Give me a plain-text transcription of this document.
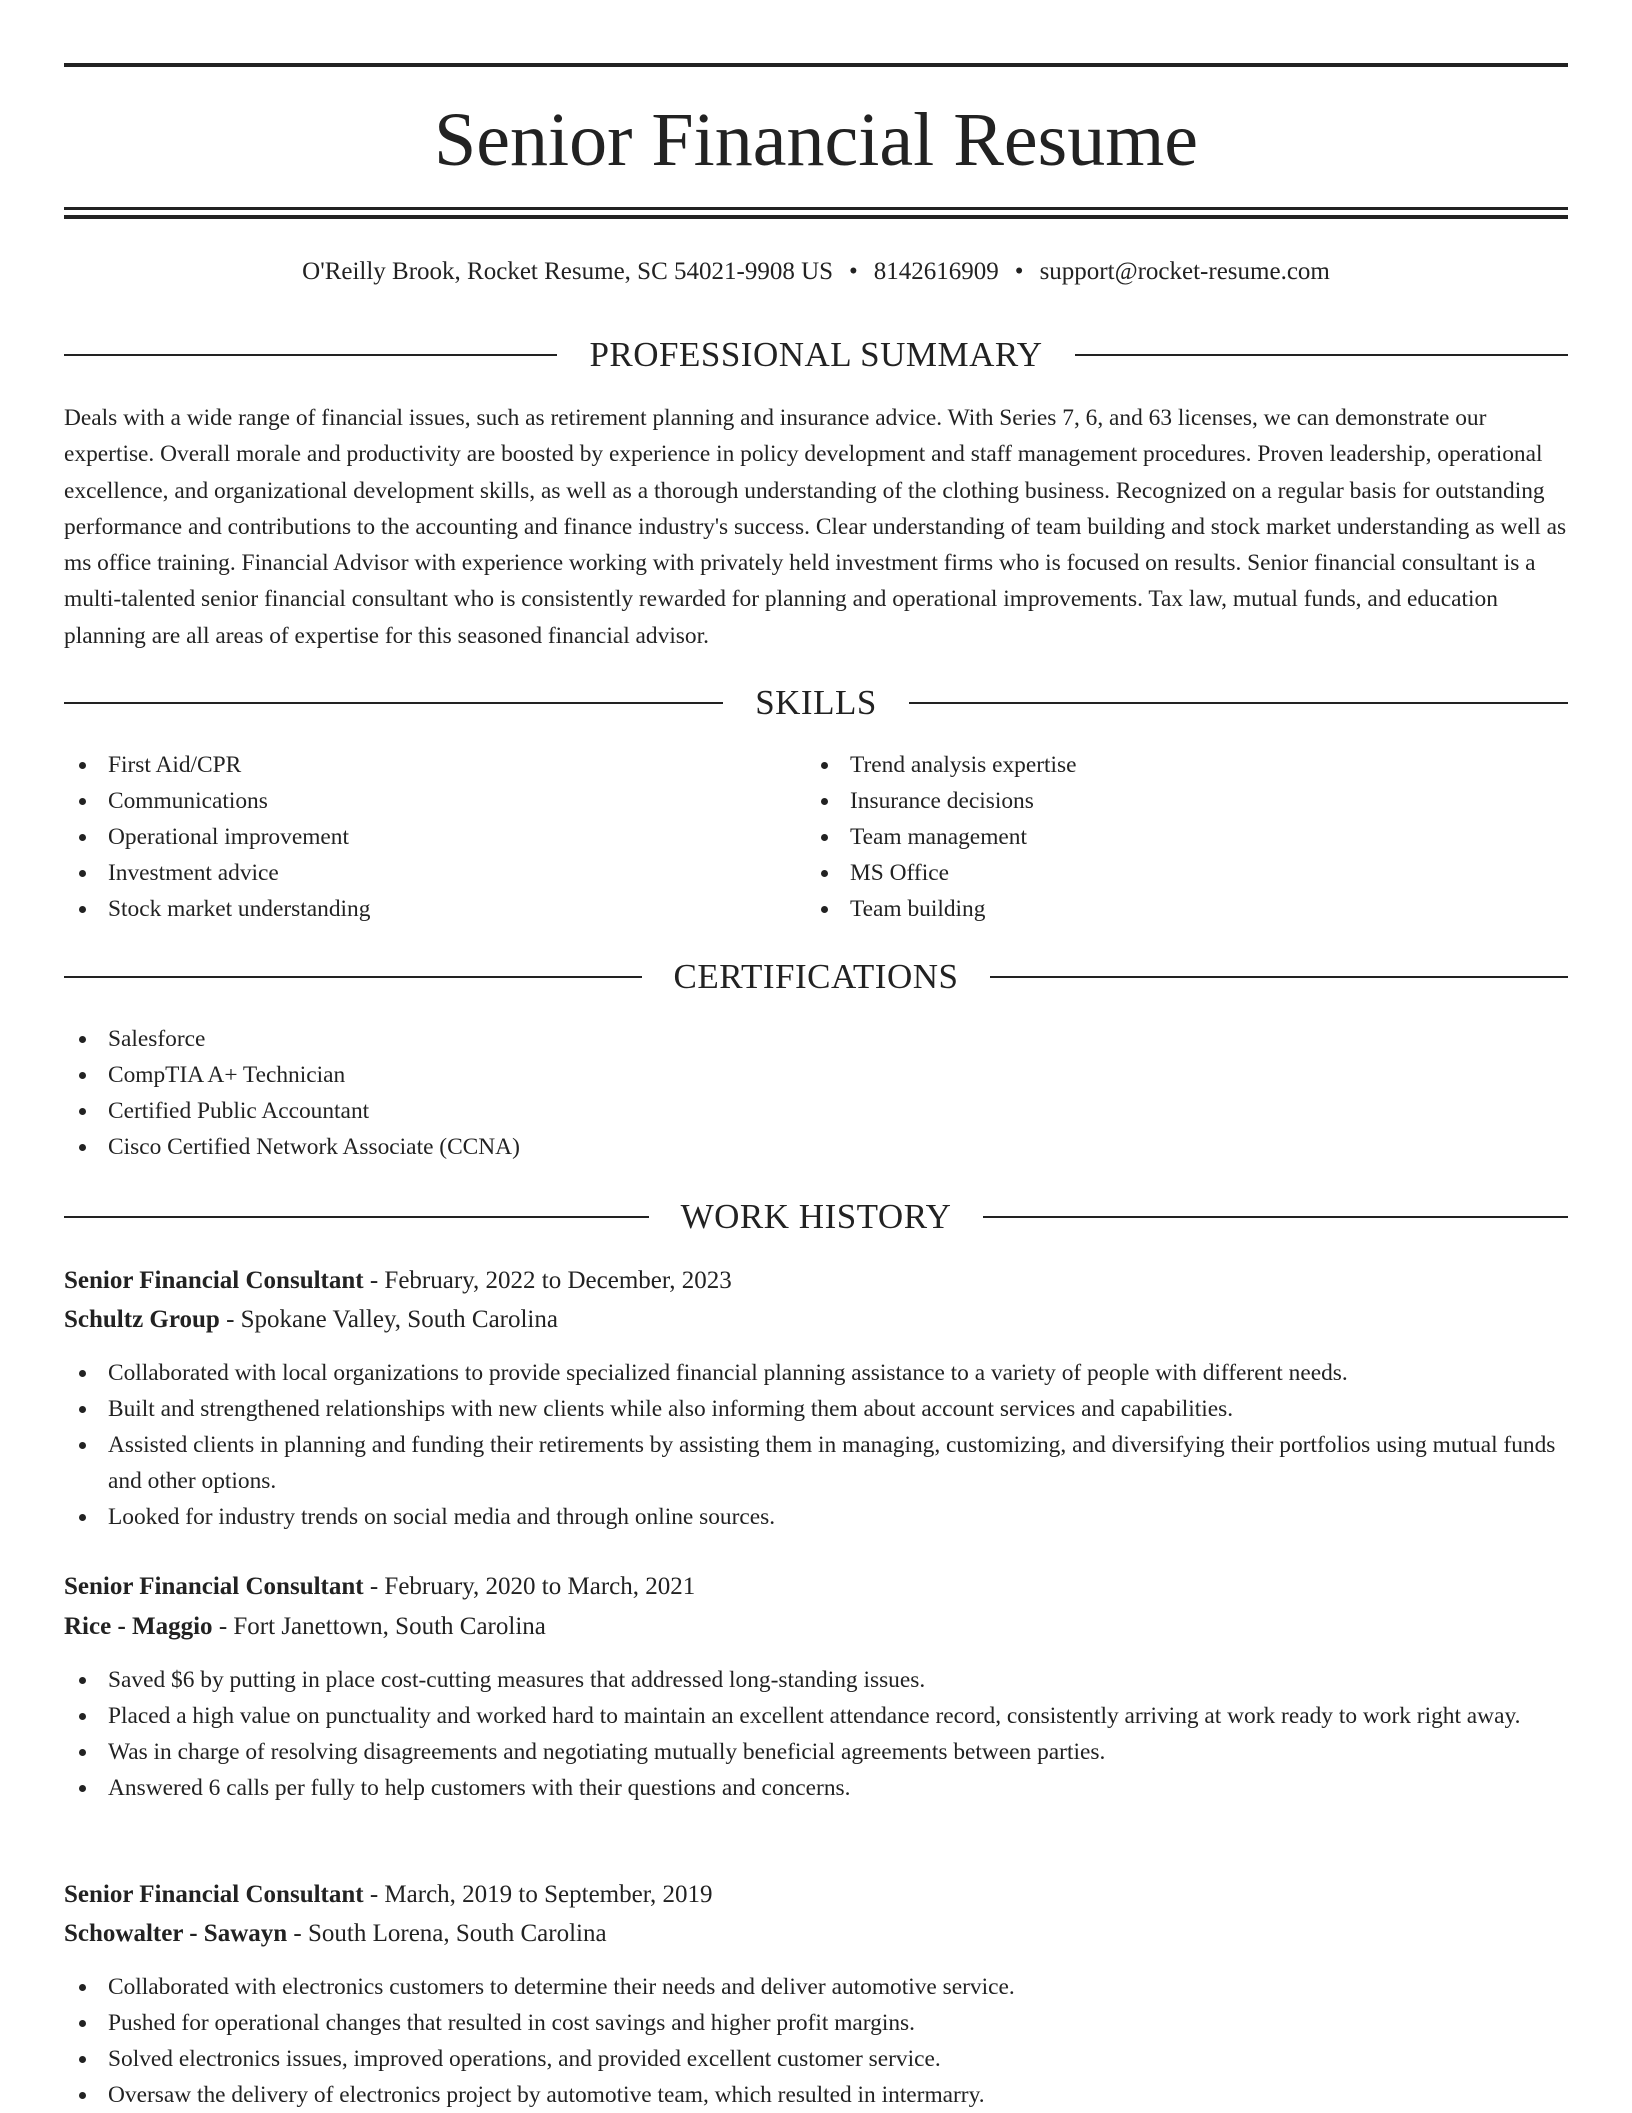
Senior Financial Resume
O'Reilly Brook, Rocket Resume, SC 54021-9908 US • 8142616909 • support@rocket-resume.com
PROFESSIONAL SUMMARY

Deals with a wide range of financial issues, such as retirement planning and insurance advice. With Series 7, 6, and 63 licenses, we can demonstrate our expertise. Overall morale and productivity are boosted by experience in policy development and staff management procedures. Proven leadership, operational excellence, and organizational development skills, as well as a thorough understanding of the clothing business. Recognized on a regular basis for outstanding performance and contributions to the accounting and finance industry's success. Clear understanding of team building and stock market understanding as well as ms office training. Financial Advisor with experience working with privately held investment firms who is focused on results. Senior financial consultant is a multi-talented senior financial consultant who is consistently rewarded for planning and operational improvements. Tax law, mutual funds, and education planning are all areas of expertise for this seasoned financial advisor.

SKILLS
First Aid/CPR
Communications
Operational improvement
Investment advice
Stock market understanding
Trend analysis expertise
Insurance decisions
Team management
MS Office
Team building
CERTIFICATIONS
Salesforce
CompTIA A+ Technician
Certified Public Accountant
Cisco Certified Network Associate (CCNA)
WORK HISTORY
Senior Financial Consultant - February, 2022 to December, 2023
Schultz Group - Spokane Valley, South Carolina
Collaborated with local organizations to provide specialized financial planning assistance to a variety of people with different needs.
Built and strengthened relationships with new clients while also informing them about account services and capabilities.
Assisted clients in planning and funding their retirements by assisting them in managing, customizing, and diversifying their portfolios using mutual funds and other options.
Looked for industry trends on social media and through online sources.
Senior Financial Consultant - February, 2020 to March, 2021
Rice - Maggio - Fort Janettown, South Carolina
Saved $6 by putting in place cost-cutting measures that addressed long-standing issues.
Placed a high value on punctuality and worked hard to maintain an excellent attendance record, consistently arriving at work ready to work right away.
Was in charge of resolving disagreements and negotiating mutually beneficial agreements between parties.
Answered 6 calls per fully to help customers with their questions and concerns.
Senior Financial Consultant - March, 2019 to September, 2019
Schowalter - Sawayn - South Lorena, South Carolina
Collaborated with electronics customers to determine their needs and deliver automotive service.
Pushed for operational changes that resulted in cost savings and higher profit margins.
Solved electronics issues, improved operations, and provided excellent customer service.
Oversaw the delivery of electronics project by automotive team, which resulted in intermarry.
